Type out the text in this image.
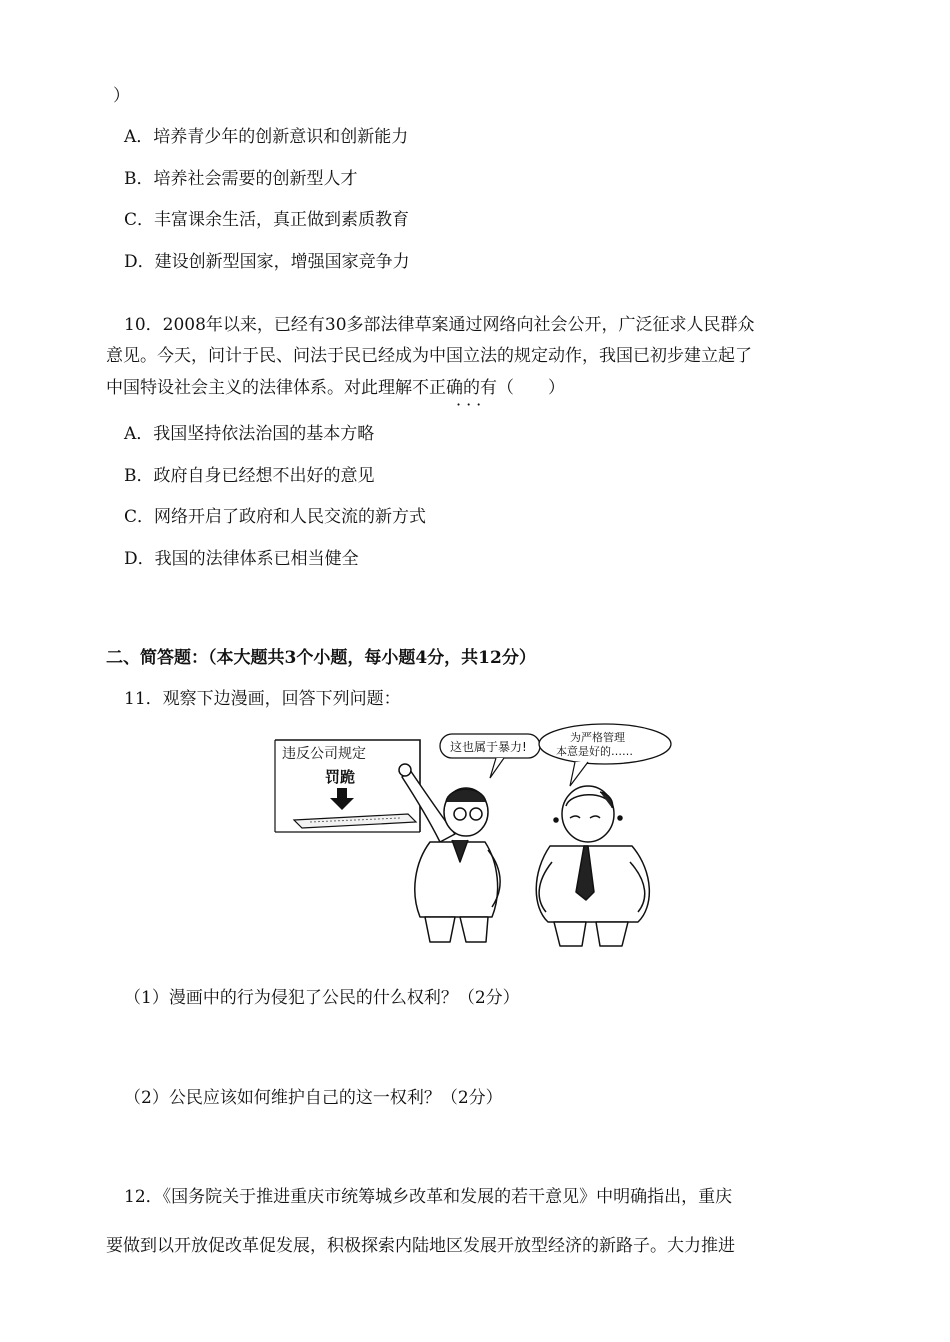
）
A．培养青少年的创新意识和创新能力
B．培养社会需要的创新型人才
C．丰富课余生活，真正做到素质教育
D．建设创新型国家，增强国家竞争力
10．2008年以来，已经有30多部法律草案通过网络向社会公开，广泛征求人民群众
意见。今天，问计于民、问法于民已经成为中国立法的规定动作，我国已初步建立起了
中国特设社会主义的法律体系。对此理解不正确的有（　　）
···
A．我国坚持依法治国的基本方略
B．政府自身已经想不出好的意见
C．网络开启了政府和人民交流的新方式
D．我国的法律体系已相当健全
二、简答题：（本大题共3个小题，每小题4分，共12分）
11．观察下边漫画，回答下列问题：
违反公司规定
罚跪
这也属于暴力!
为严格管理
本意是好的……
（1）漫画中的行为侵犯了公民的什么权利？（2分）
（2）公民应该如何维护自己的这一权利？（2分）
12．《国务院关于推进重庆市统筹城乡改革和发展的若干意见》中明确指出，重庆
要做到以开放促改革促发展，积极探索内陆地区发展开放型经济的新路子。大力推进
